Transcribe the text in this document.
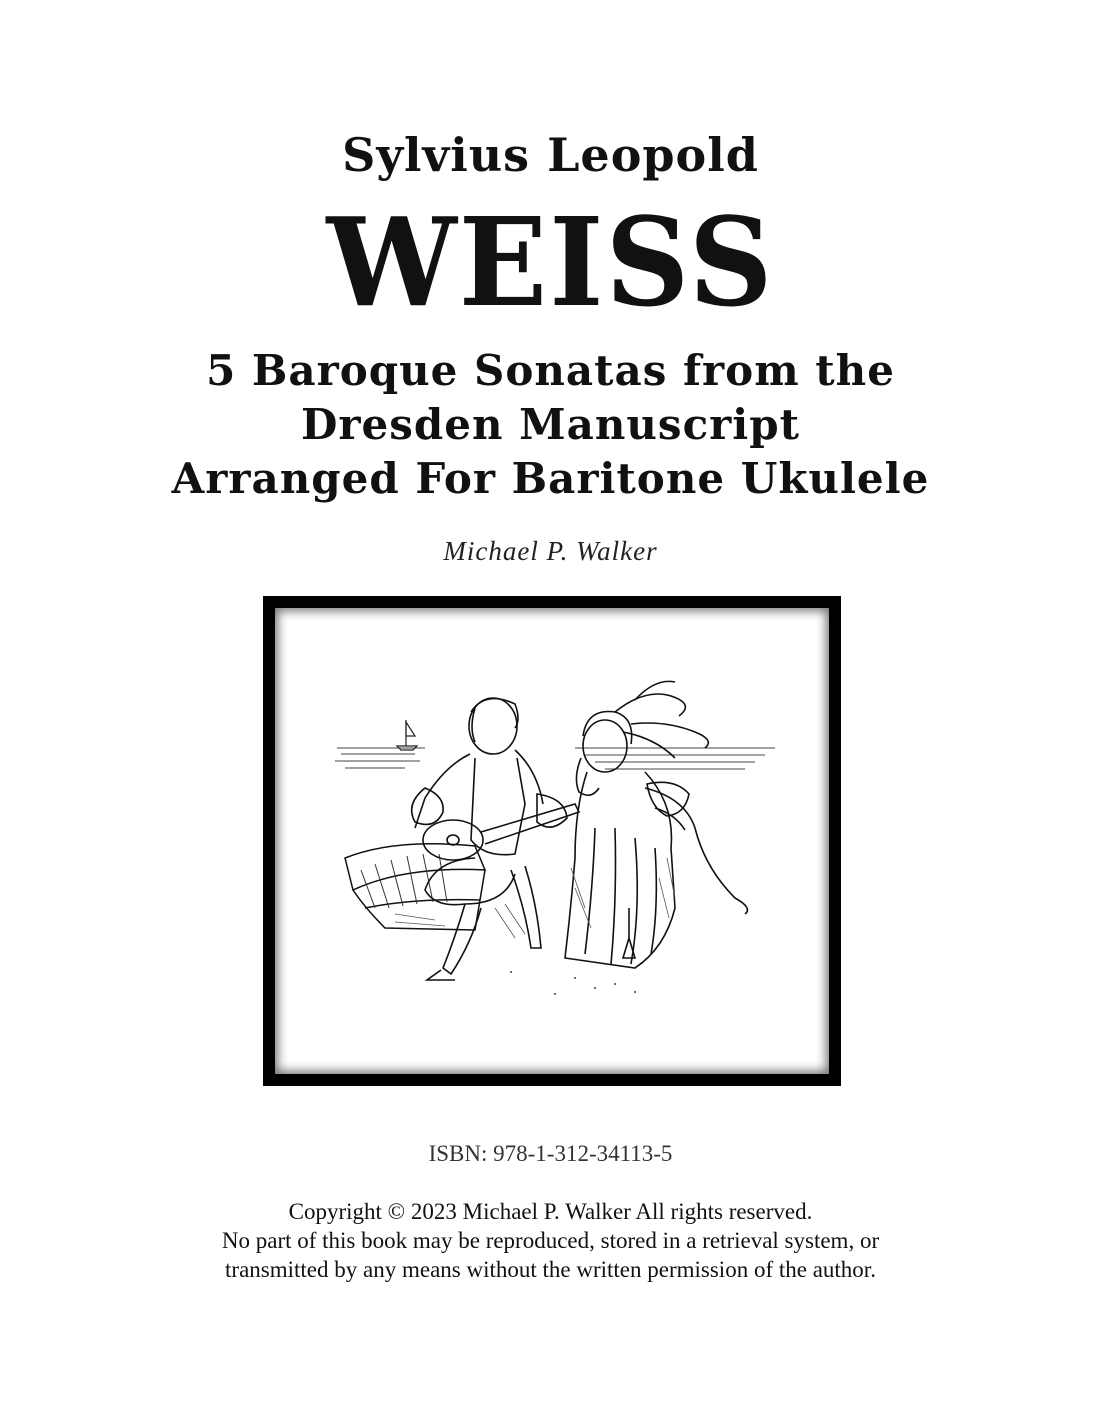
Sylvius Leopold
WEISS
5 Baroque Sonatas from the
Dresden Manuscript
Arranged For Baritone Ukulele
Michael P. Walker
ISBN: 978-1-312-34113-5
Copyright © 2023 Michael P. Walker All rights reserved.
No part of this book may be reproduced, stored in a retrieval system, or
transmitted by any means without the written permission of the author.
